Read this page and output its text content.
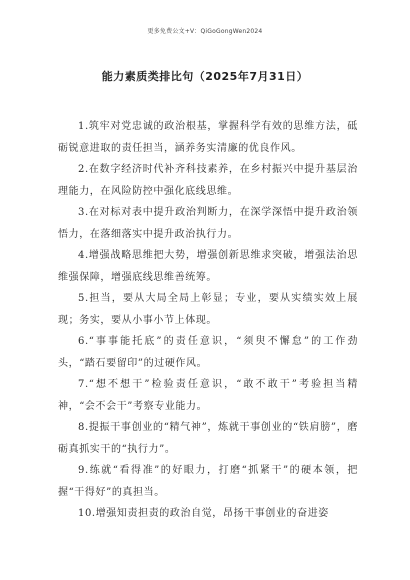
更多免费公文+V：QiGoGongWen2024
能力素质类排比句（2025年7月31日）

1.筑牢对党忠诚的政治根基，掌握科学有效的思维方法，砥砺锐意进取的责任担当，涵养务实清廉的优良作风。

2.在数字经济时代补齐科技素养，在乡村振兴中提升基层治理能力，在风险防控中强化底线思维。

3.在对标对表中提升政治判断力，在深学深悟中提升政治领悟力，在落细落实中提升政治执行力。

4.增强战略思维把大势，增强创新思维求突破，增强法治思维强保障，增强底线思维善统筹。

5.担当，要从大局全局上彰显；专业，要从实绩实效上展现；务实，要从小事小节上体现。

6.“事事能托底”的责任意识，“须臾不懈怠”的工作劲头，“踏石要留印”的过硬作风。

7.“想不想干”检验责任意识，“敢不敢干”考验担当精神，“会不会干”考察专业能力。

8.提振干事创业的“精气神”，炼就干事创业的“铁肩膀”，磨砺真抓实干的“执行力”。

9.练就“看得准”的好眼力，打磨“抓紧干”的硬本领，把握“干得好”的真担当。

10.增强知责担责的政治自觉，昂扬干事创业的奋进姿
